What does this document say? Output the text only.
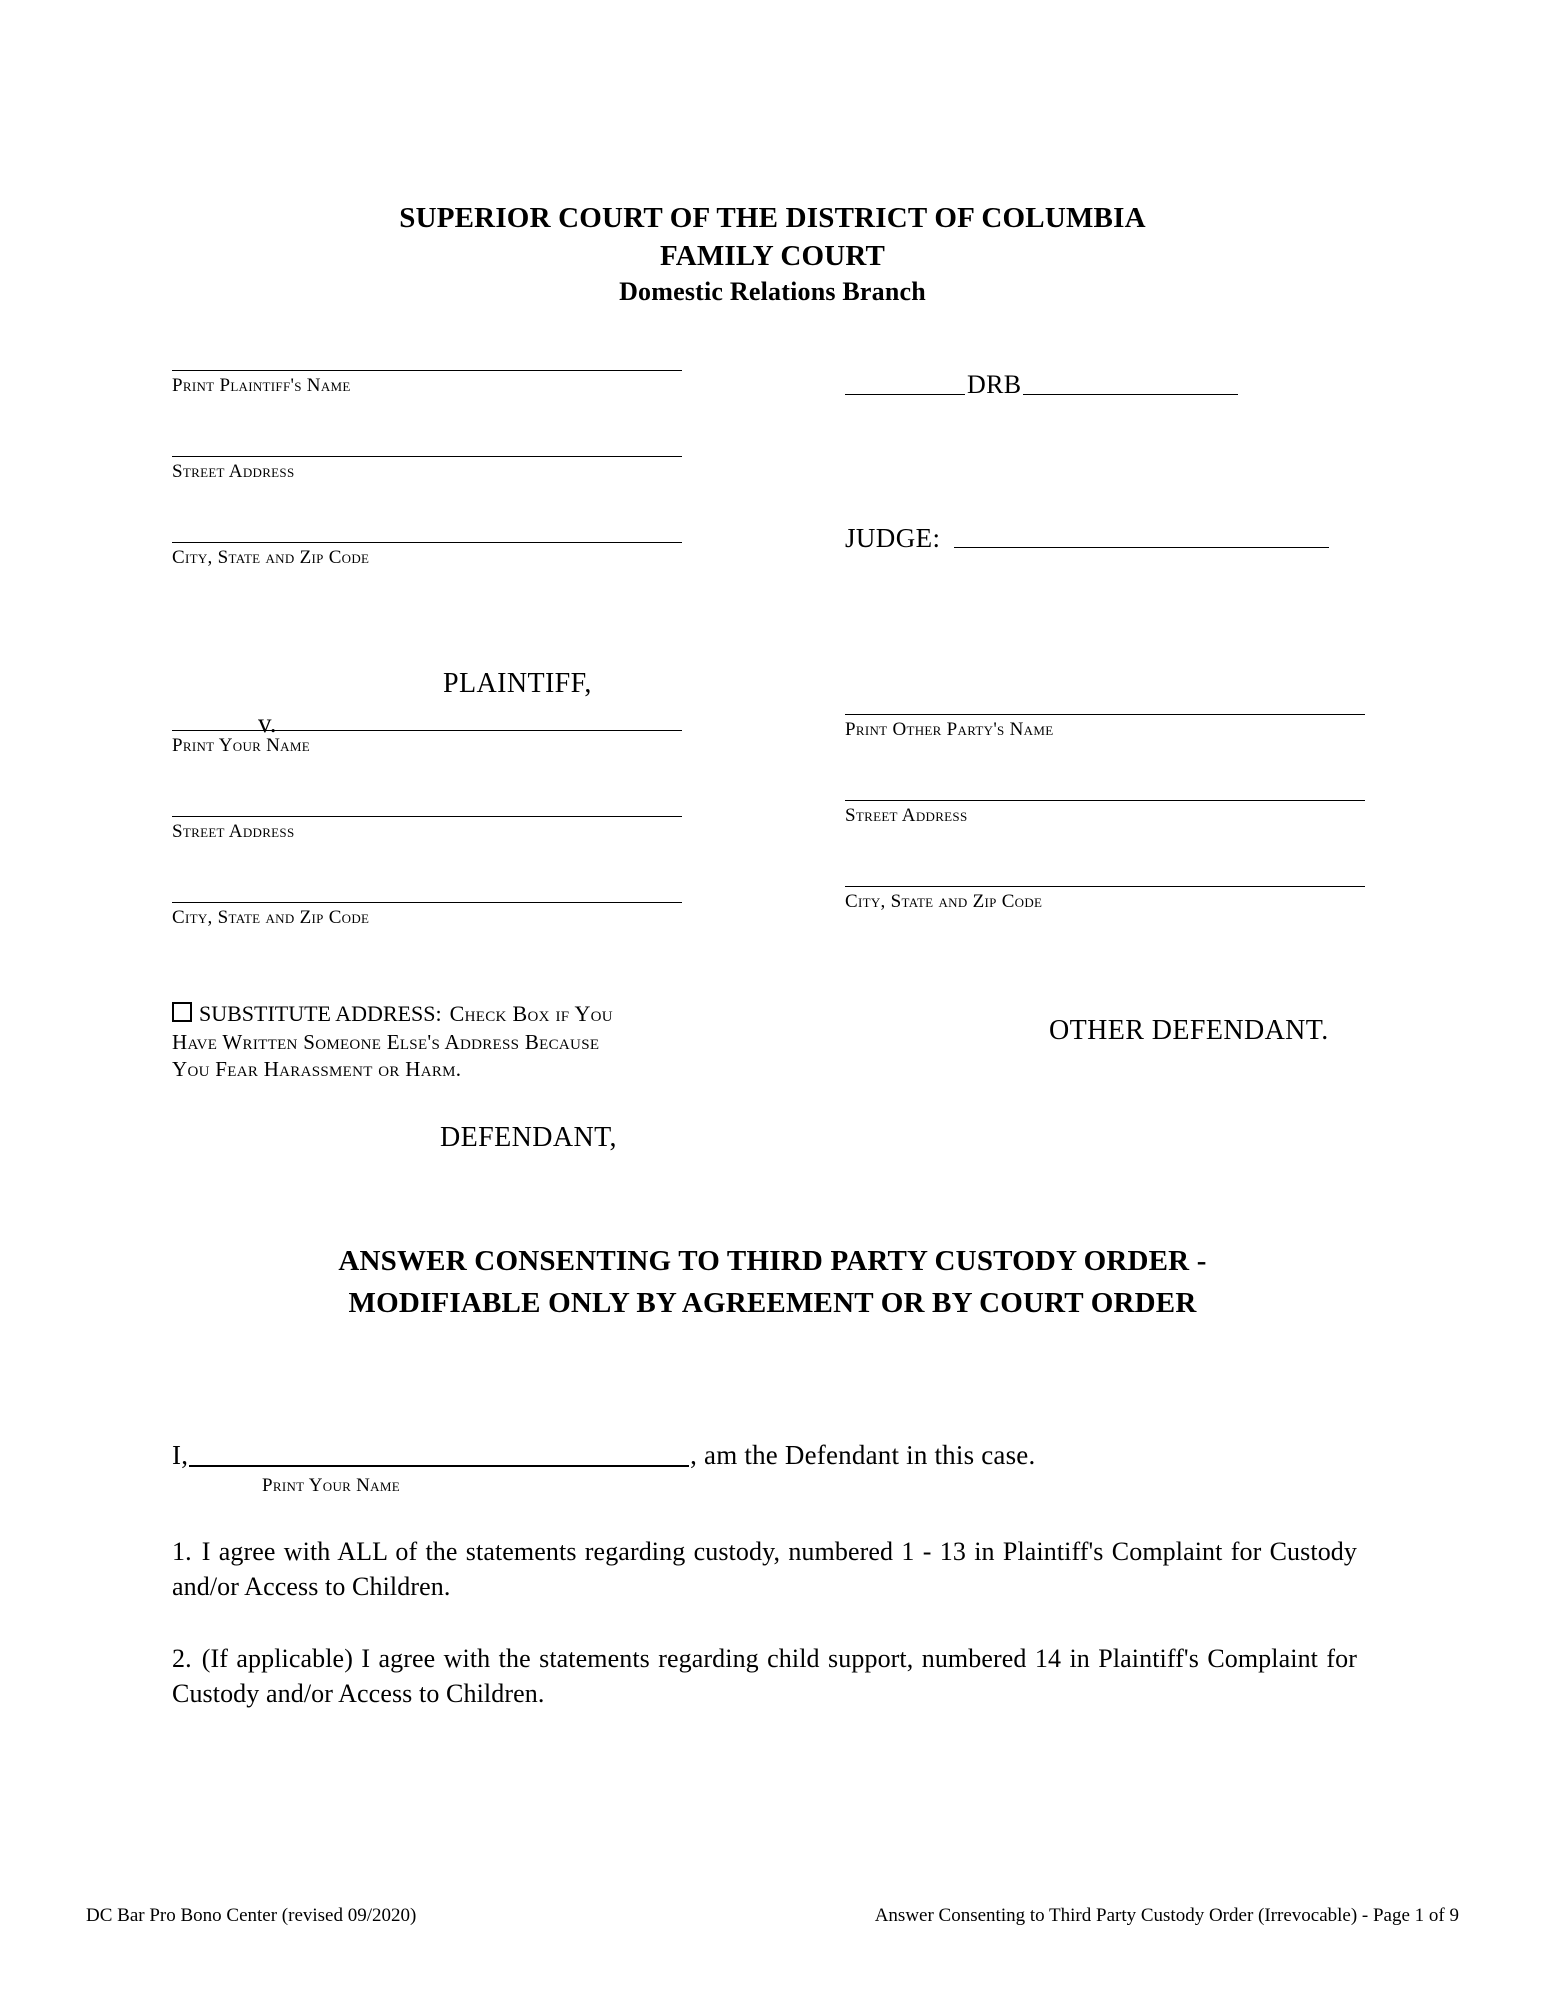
SUPERIOR COURT OF THE DISTRICT OF COLUMBIA
FAMILY COURT
Domestic Relations Branch
Print Plaintiff's Name
Street Address
City, State and Zip Code
Print Your Name
Street Address
City, State and Zip Code
DRB
JUDGE:
Print Other Party's Name
Street Address
City, State and Zip Code
PLAINTIFF,
v.
OTHER DEFENDANT.
DEFENDANT,
SUBSTITUTE ADDRESS: Check Box if You
Have Written Someone Else's Address Because
You Fear Harassment or Harm.
ANSWER CONSENTING TO THIRD PARTY CUSTODY ORDER -
MODIFIABLE ONLY BY AGREEMENT OR BY COURT ORDER
I,	, am the Defendant in this case.
Print Your Name
1. I agree with ALL of the statements regarding custody, numbered 1 - 13 in Plaintiff's Complaint for Custody and/or Access to Children.
2. (If applicable) I agree with the statements regarding child support, numbered 14 in Plaintiff's Complaint for Custody and/or Access to Children.
DC Bar Pro Bono Center (revised 09/2020)	Answer Consenting to Third Party Custody Order (Irrevocable) - Page 1 of 9
